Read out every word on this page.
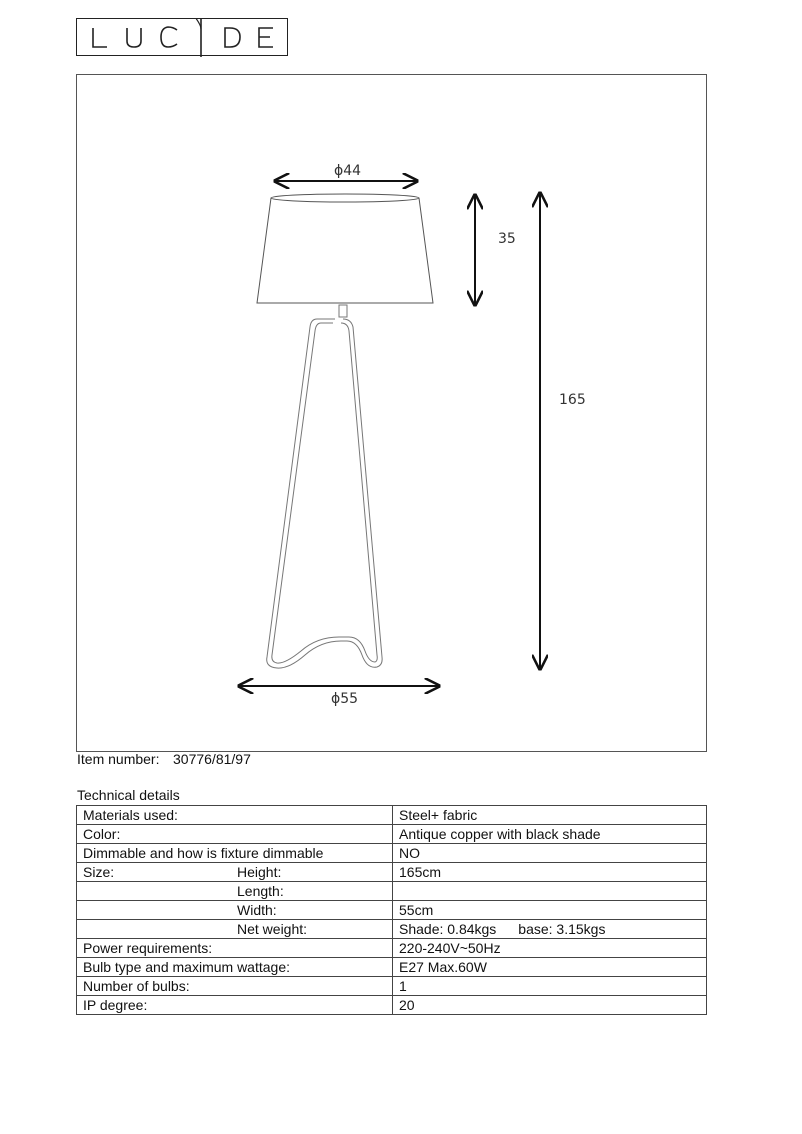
ϕ44
35
165
ϕ55
Item number: 30776/81/97
Technical details
Materials used:	Steel+ fabric
Color:	Antique copper with black shade
Dimmable and how is fixture dimmable	NO
Size: Height:	165cm

Length:	

Width:	55cm

Net weight:	Shade: 0.84kgs base: 3.15kgs
Power requirements:	220-240V~50Hz
Bulb type and maximum wattage:	E27 Max.60W
Number of bulbs:	1
IP degree:	20
